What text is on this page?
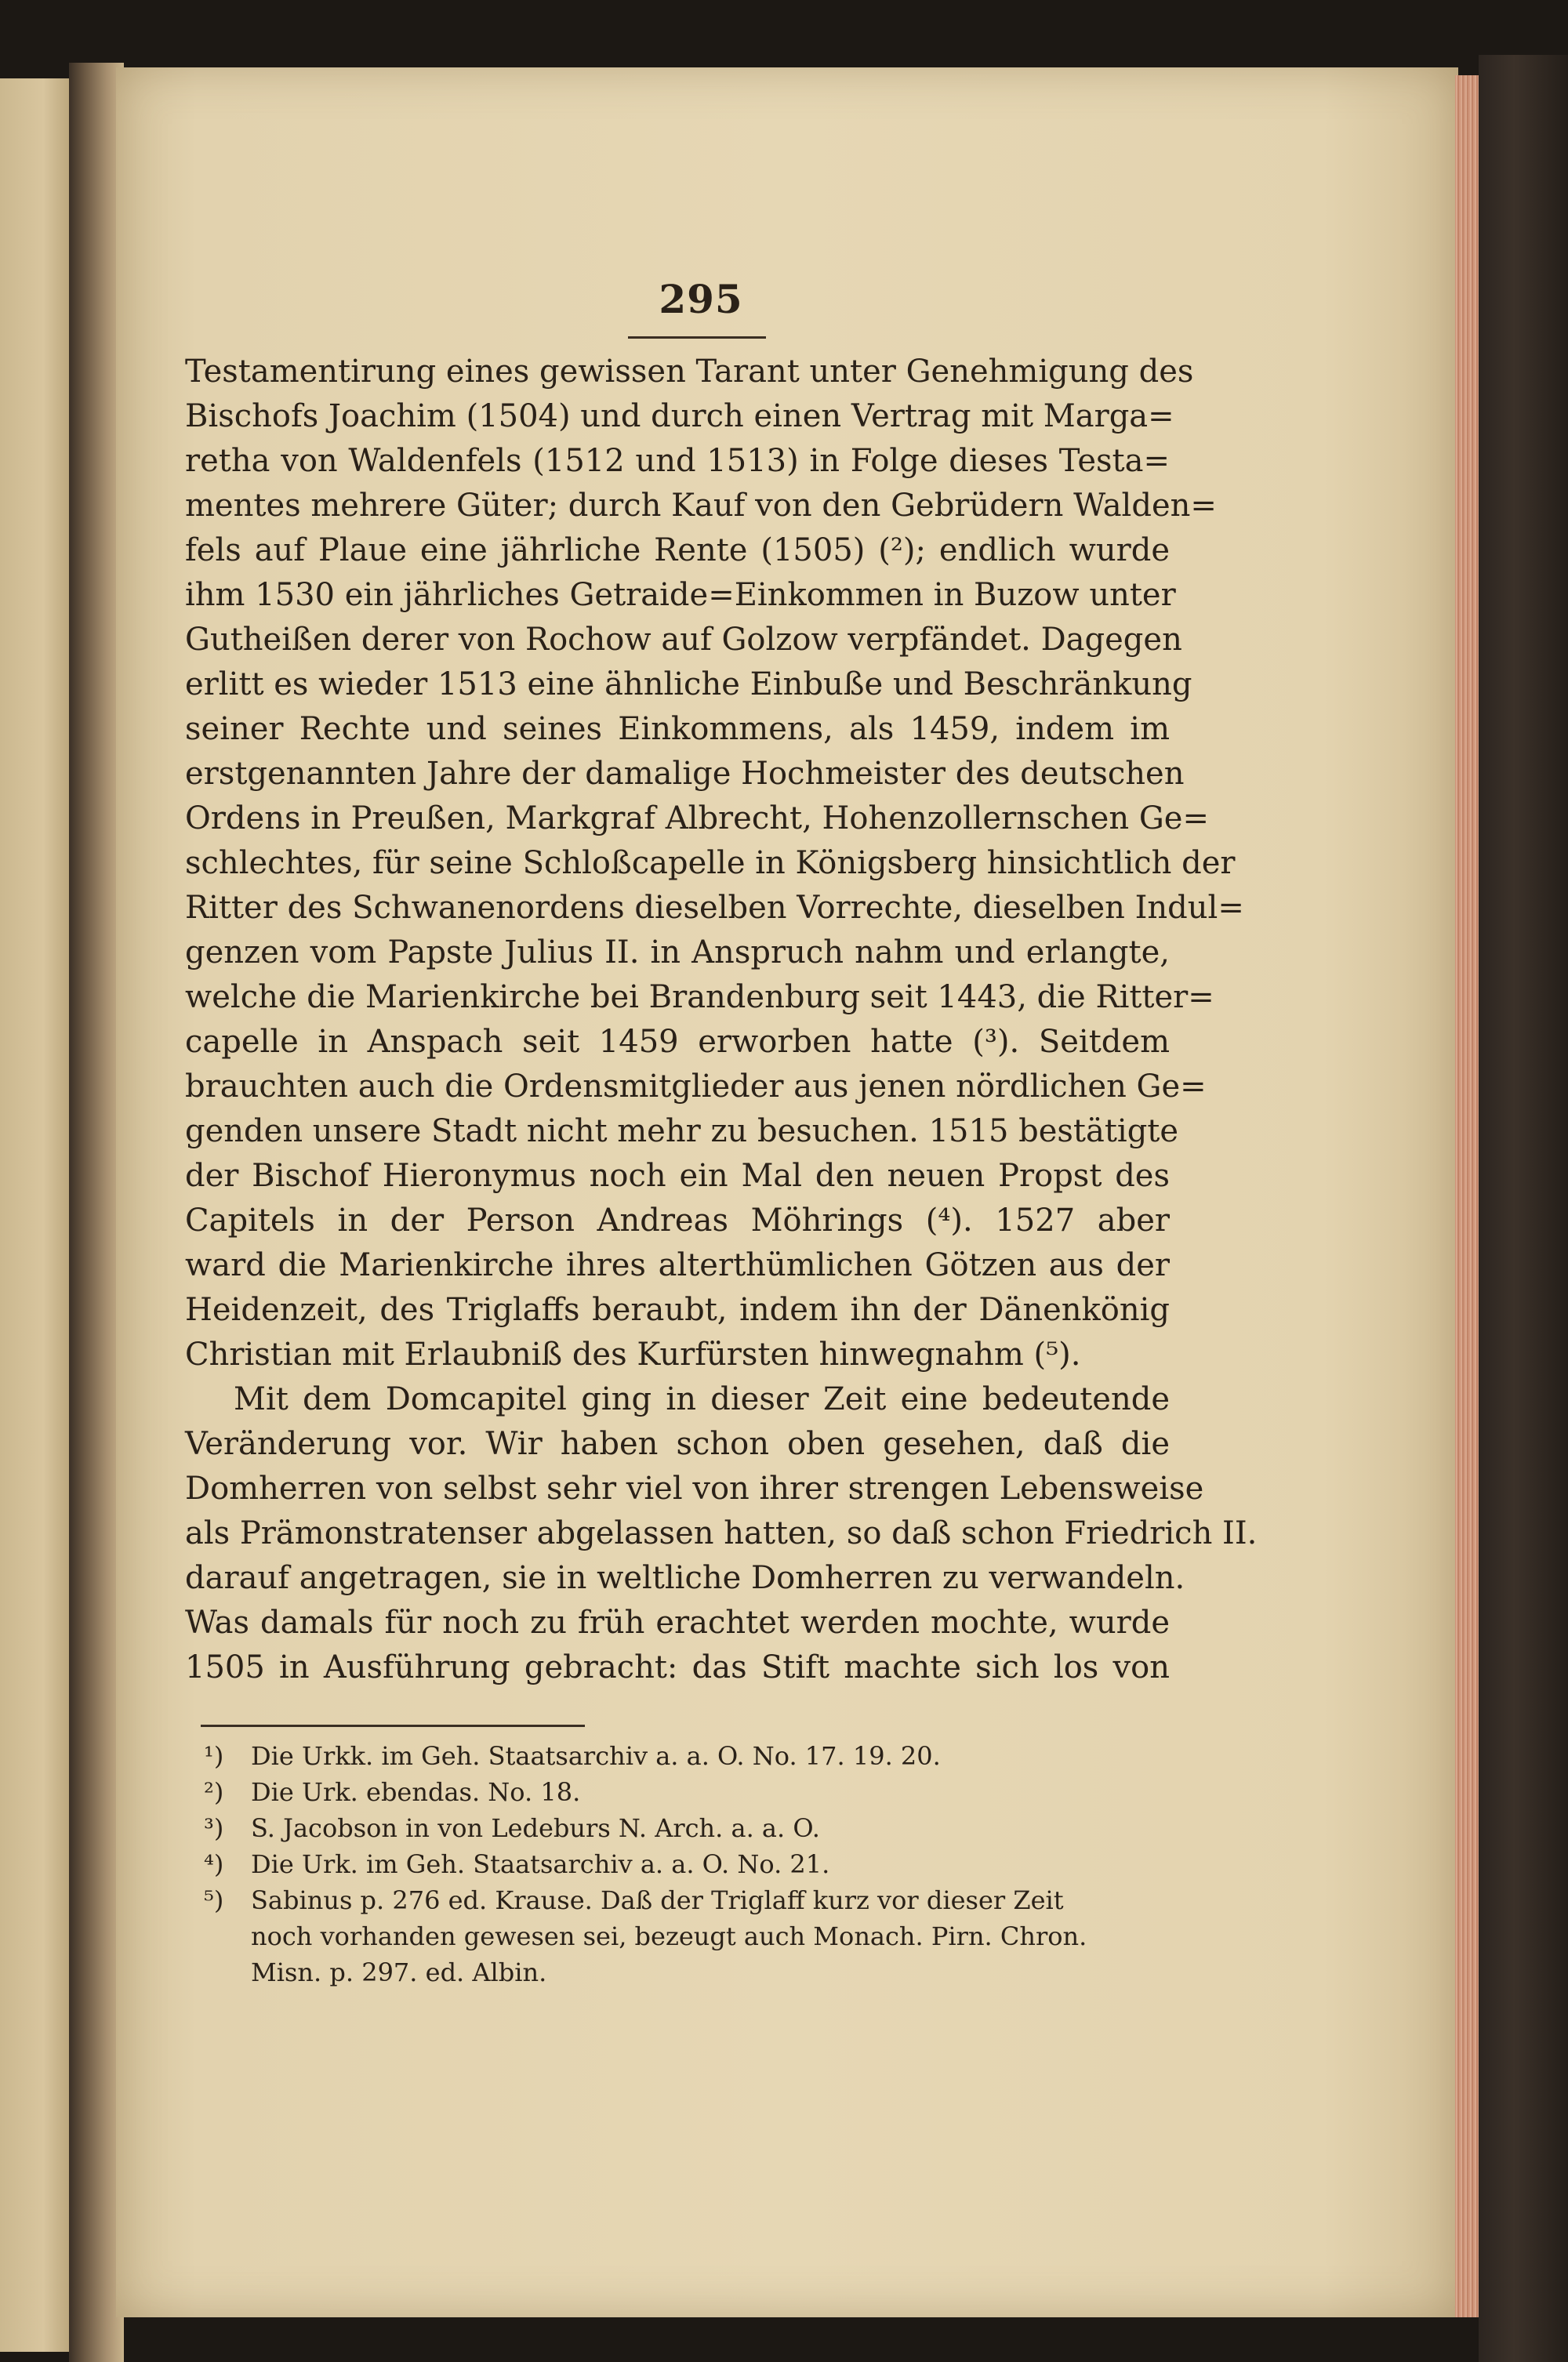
295
Testamentirung eines gewissen Tarant unter Genehmigung des
Bischofs Joachim (1504) und durch einen Vertrag mit Marga=
retha von Waldenfels (1512 und 1513) in Folge dieses Testa=
mentes mehrere Güter; durch Kauf von den Gebrüdern Walden=
fels auf Plaue eine jährliche Rente (1505) (²); endlich wurde
ihm 1530 ein jährliches Getraide=Einkommen in Buzow unter
Gutheißen derer von Rochow auf Golzow verpfändet. Dagegen
erlitt es wieder 1513 eine ähnliche Einbuße und Beschränkung
seiner Rechte und seines Einkommens, als 1459, indem im
erstgenannten Jahre der damalige Hochmeister des deutschen
Ordens in Preußen, Markgraf Albrecht, Hohenzollernschen Ge=
schlechtes, für seine Schloßcapelle in Königsberg hinsichtlich der
Ritter des Schwanenordens dieselben Vorrechte, dieselben Indul=
genzen vom Papste Julius II. in Anspruch nahm und erlangte,
welche die Marienkirche bei Brandenburg seit 1443, die Ritter=
capelle in Anspach seit 1459 erworben hatte (³). Seitdem
brauchten auch die Ordensmitglieder aus jenen nördlichen Ge=
genden unsere Stadt nicht mehr zu besuchen. 1515 bestätigte
der Bischof Hieronymus noch ein Mal den neuen Propst des
Capitels in der Person Andreas Möhrings (⁴). 1527 aber
ward die Marienkirche ihres alterthümlichen Götzen aus der
Heidenzeit, des Triglaffs beraubt, indem ihn der Dänenkönig
Christian mit Erlaubniß des Kurfürsten hinwegnahm (⁵).
Mit dem Domcapitel ging in dieser Zeit eine bedeutende
Veränderung vor. Wir haben schon oben gesehen, daß die
Domherren von selbst sehr viel von ihrer strengen Lebensweise
als Prämonstratenser abgelassen hatten, so daß schon Friedrich II.
darauf angetragen, sie in weltliche Domherren zu verwandeln.
Was damals für noch zu früh erachtet werden mochte, wurde
1505 in Ausführung gebracht: das Stift machte sich los von
¹) Die Urkk. im Geh. Staatsarchiv a. a. O. No. 17. 19. 20.
²) Die Urk. ebendas. No. 18.
³) S. Jacobson in von Ledeburs N. Arch. a. a. O.
⁴) Die Urk. im Geh. Staatsarchiv a. a. O. No. 21.
⁵) Sabinus p. 276 ed. Krause. Daß der Triglaff kurz vor dieser Zeit
noch vorhanden gewesen sei, bezeugt auch Monach. Pirn. Chron.
Misn. p. 297. ed. Albin.
